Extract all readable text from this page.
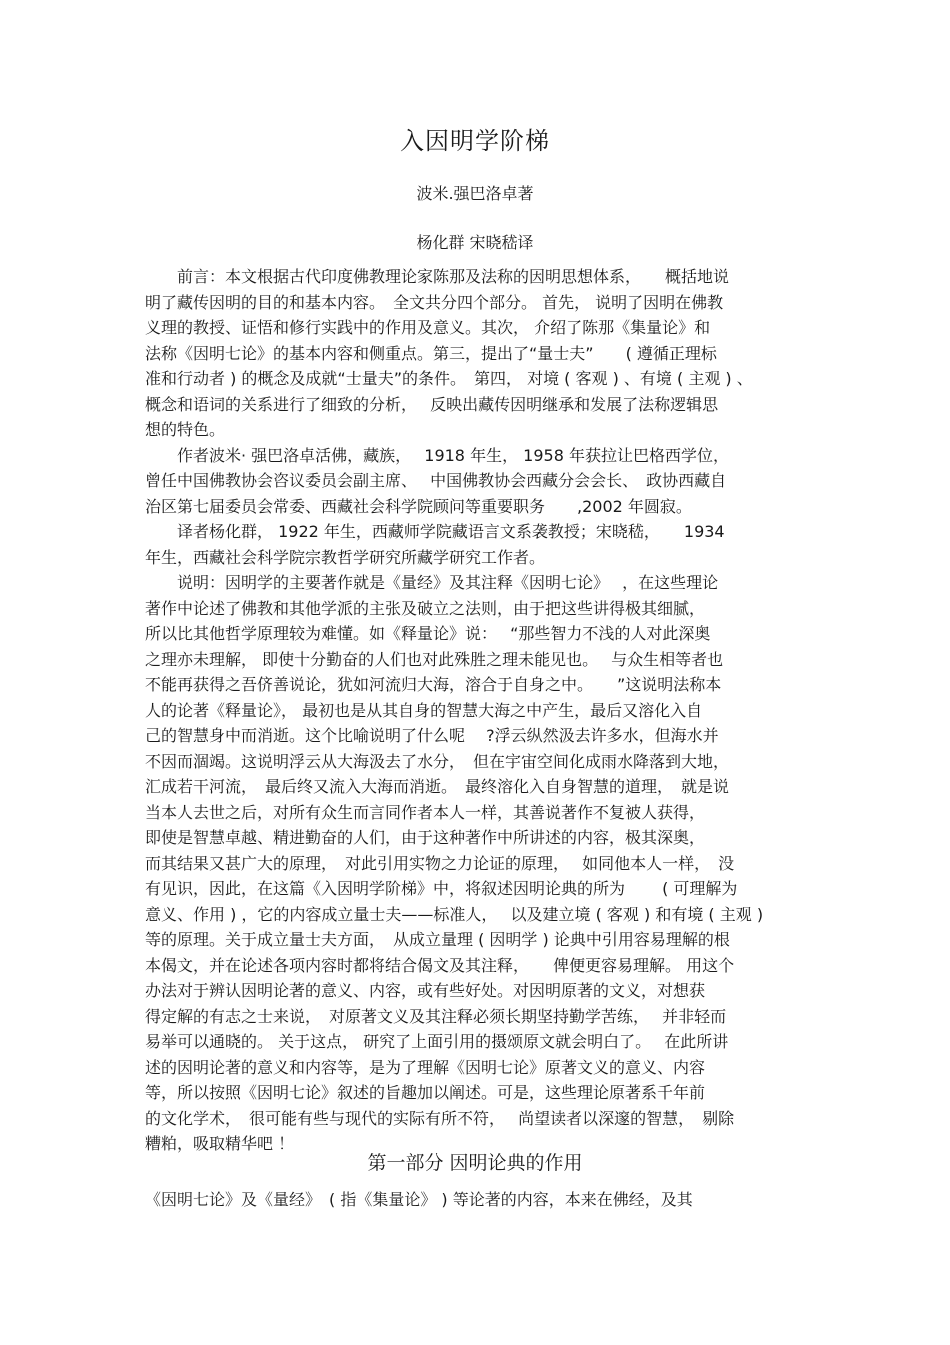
入因明学阶梯
波米.强巴洛卓著
杨化群 宋晓嵇译
　　前言：本文根据古代印度佛教理论家陈那及法称的因明思想体系，　　概括地说
明了藏传因明的目的和基本内容。　全文共分四个部分。 首先， 说明了因明在佛教
义理的教授、证悟和修行实践中的作用及意义。其次， 介绍了陈那《集量论》和
法称《因明七论》的基本内容和侧重点。第三，提出了“量士夫”　　( 遵循正理标
准和行动者 ) 的概念及成就“士量夫”的条件。　第四， 对境 ( 客观 ) 、有境 ( 主观 ) 、
概念和语词的关系进行了细致的分析，　 反映出藏传因明继承和发展了法称逻辑思
想的特色。
　　作者波米· 强巴洛卓活佛，藏族，　 1918 年生， 1958 年获拉让巴格西学位，
曾任中国佛教协会咨议委员会副主席、　 中国佛教协会西藏分会会长、　政协西藏自
治区第七届委员会常委、西藏社会科学院顾问等重要职务　　,2002 年圆寂。
　　译者杨化群， 1922 年生，西藏师学院藏语言文系袭教授；宋晓嵇，　　1934
年生，西藏社会科学院宗教哲学研究所藏学研究工作者。
　　说明：因明学的主要著作就是《量经》及其注释《因明七论》　 ，在这些理论
著作中论述了佛教和其他学派的主张及破立之法则，由于把这些讲得极其细腻，
所以比其他哲学原理较为难懂。如《释量论》说：　 “那些智力不浅的人对此深奥
之理亦未理解， 即使十分勤奋的人们也对此殊胜之理未能见也。　 与众生相等者也
不能再获得之吾侪善说论，犹如河流归大海，溶合于自身之中。　　”这说明法称本
人的论著《释量论》， 最初也是从其自身的智慧大海之中产生，最后又溶化入自
己的智慧身中而消逝。这个比喻说明了什么呢　 ?浮云纵然汲去许多水，但海水并
不因而涸竭。这说明浮云从大海汲去了水分，　但在宇宙空间化成雨水降落到大地，
汇成若干河流，　最后终又流入大海而消逝。　最终溶化入自身智慧的道理，　就是说
当本人去世之后，对所有众生而言同作者本人一样，其善说著作不复被人获得，
即使是智慧卓越、精进勤奋的人们，由于这种著作中所讲述的内容，极其深奥，
而其结果又甚广大的原理，　对此引用实物之力论证的原理，　 如同他本人一样，　没
有见识，因此，在这篇《入因明学阶梯》中，将叙述因明论典的所为　　 ( 可理解为
意义、作用 ) ，它的内容成立量士夫——标准人，　 以及建立境 ( 客观 ) 和有境 ( 主观 )
等的原理。关于成立量士夫方面，　从成立量理 ( 因明学 ) 论典中引用容易理解的根
本偈文，并在论述各项内容时都将结合偈文及其注释，　　俾便更容易理解。 用这个
办法对于辨认因明论著的意义、内容，或有些好处。对因明原著的文义，对想获
得定解的有志之士来说，　对原著文义及其注释必须长期坚持勤学苦练，　 并非轻而
易举可以通晓的。 关于这点， 研究了上面引用的摄颂原文就会明白了。　 在此所讲
述的因明论著的意义和内容等，是为了理解《因明七论》原著文义的意义、内容
等，所以按照《因明七论》叙述的旨趣加以阐述。可是，这些理论原著系千年前
的文化学术，　很可能有些与现代的实际有所不符，　 尚望读者以深邃的智慧，　剔除
糟粕，吸取精华吧 ！
第一部分 因明论典的作用
《因明七论》及《量经》　( 指《集量论》 ) 等论著的内容，本来在佛经，及其
